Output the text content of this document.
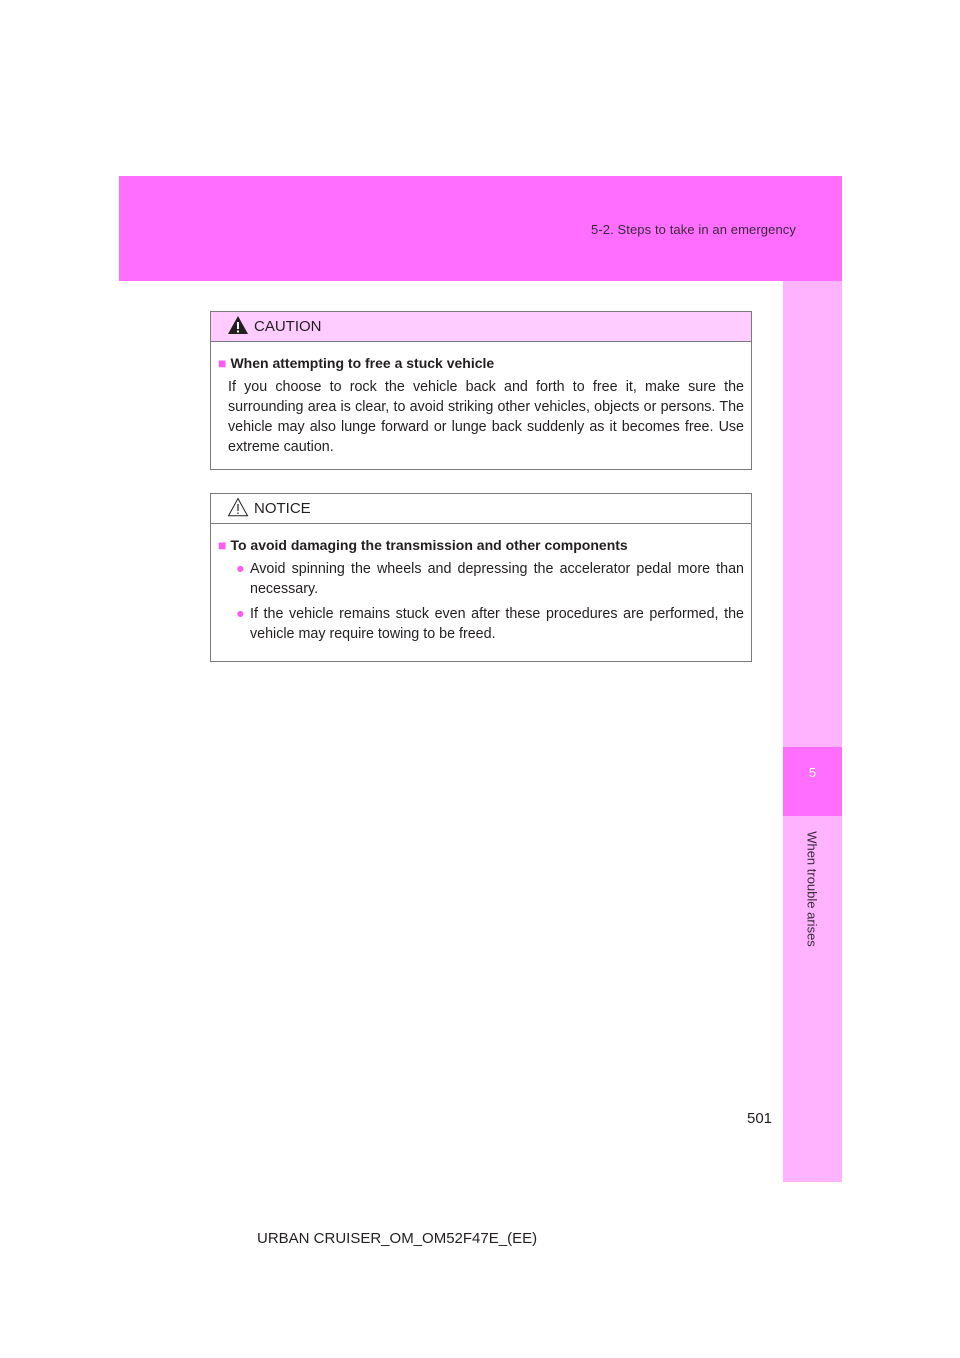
5-2. Steps to take in an emergency
5
When trouble arises
CAUTION
■ When attempting to free a stuck vehicle

If you choose to rock the vehicle back and forth to free it, make sure the surrounding area is clear, to avoid striking other vehicles, objects or persons. The vehicle may also lunge forward or lunge back suddenly as it becomes free. Use extreme caution.

NOTICE
■ To avoid damaging the transmission and other components
● Avoid spinning the wheels and depressing the accelerator pedal more than necessary.
● If the vehicle remains stuck even after these procedures are performed, the vehicle may require towing to be freed.
501
URBAN CRUISER_OM_OM52F47E_(EE)
